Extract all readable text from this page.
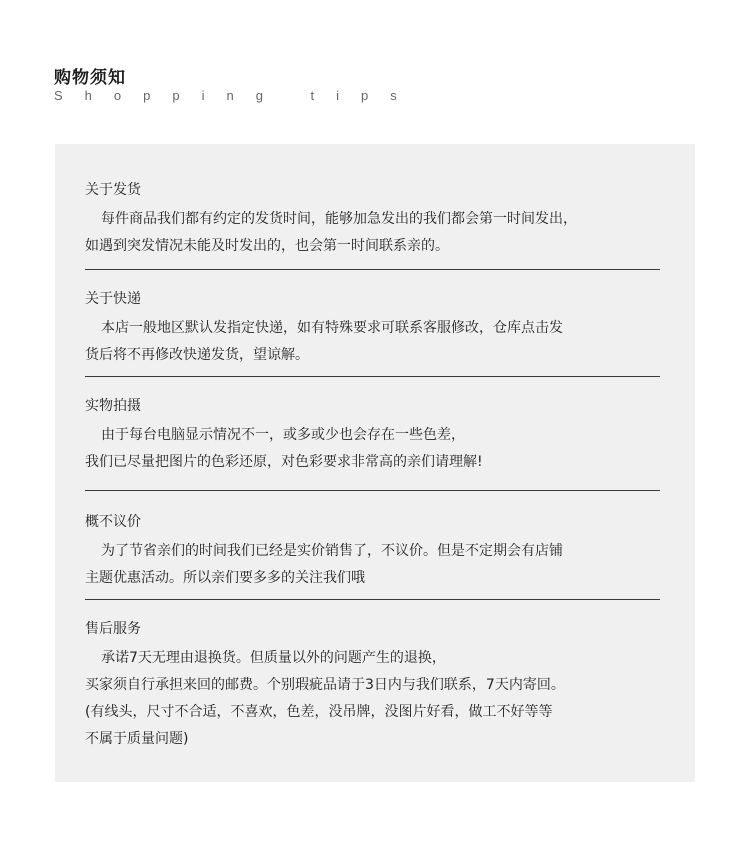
购物须知
Shopping tips
关于发货
每件商品我们都有约定的发货时间，能够加急发出的我们都会第一时间发出，
如遇到突发情况未能及时发出的，也会第一时间联系亲的。
关于快递
本店一般地区默认发指定快递，如有特殊要求可联系客服修改，仓库点击发
货后将不再修改快递发货，望谅解。
实物拍摄
由于每台电脑显示情况不一，或多或少也会存在一些色差，
我们已尽量把图片的色彩还原，对色彩要求非常高的亲们请理解!
概不议价
为了节省亲们的时间我们已经是实价销售了，不议价。但是不定期会有店铺
主题优惠活动。所以亲们要多多的关注我们哦
售后服务
承诺7天无理由退换货。但质量以外的问题产生的退换，
买家须自行承担来回的邮费。个别瑕疵品请于3日内与我们联系，7天内寄回。
(有线头，尺寸不合适，不喜欢，色差，没吊牌，没图片好看，做工不好等等
不属于质量问题)
